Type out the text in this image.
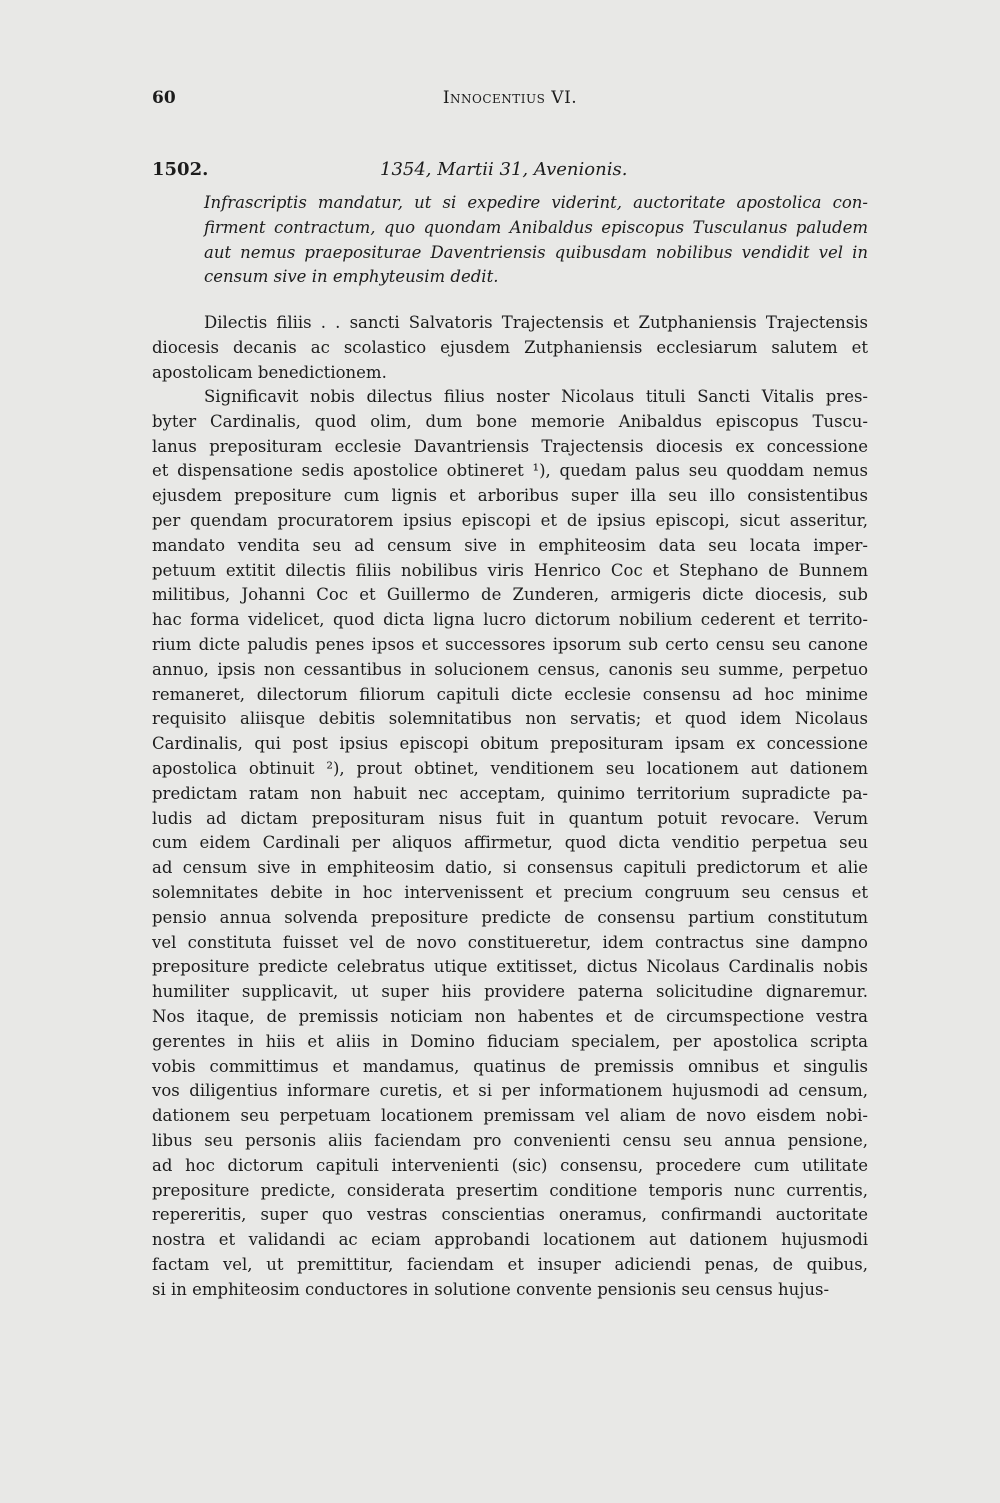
60	Innocentius VI.
1502.	1354, Martii 31, Avenionis.
Infrascriptis mandatur, ut si expedire viderint, auctoritate apostolica con-
firment contractum, quo quondam Anibaldus episcopus Tusculanus paludem
aut nemus praepositurae Daventriensis quibusdam nobilibus vendidit vel in
censum sive in emphyteusim dedit.
Dilectis filiis . . sancti Salvatoris Trajectensis et Zutphaniensis Trajectensis
diocesis decanis ac scolastico ejusdem Zutphaniensis ecclesiarum salutem et
apostolicam benedictionem.
Significavit nobis dilectus filius noster Nicolaus tituli Sancti Vitalis pres-
byter Cardinalis, quod olim, dum bone memorie Anibaldus episcopus Tuscu-
lanus preposituram ecclesie Davantriensis Trajectensis diocesis ex concessione
et dispensatione sedis apostolice obtineret ¹), quedam palus seu quoddam nemus
ejusdem prepositure cum lignis et arboribus super illa seu illo consistentibus
per quendam procuratorem ipsius episcopi et de ipsius episcopi, sicut asseritur,
mandato vendita seu ad censum sive in emphiteosim data seu locata imper-
petuum extitit dilectis filiis nobilibus viris Henrico Coc et Stephano de Bunnem
militibus, Johanni Coc et Guillermo de Zunderen, armigeris dicte diocesis, sub
hac forma videlicet, quod dicta ligna lucro dictorum nobilium cederent et territo-
rium dicte paludis penes ipsos et successores ipsorum sub certo censu seu canone
annuo, ipsis non cessantibus in solucionem census, canonis seu summe, perpetuo
remaneret, dilectorum filiorum capituli dicte ecclesie consensu ad hoc minime
requisito aliisque debitis solemnitatibus non servatis; et quod idem Nicolaus
Cardinalis, qui post ipsius episcopi obitum preposituram ipsam ex concessione
apostolica obtinuit ²), prout obtinet, venditionem seu locationem aut dationem
predictam ratam non habuit nec acceptam, quinimo territorium supradicte pa-
ludis ad dictam preposituram nisus fuit in quantum potuit revocare. Verum
cum eidem Cardinali per aliquos affirmetur, quod dicta venditio perpetua seu
ad censum sive in emphiteosim datio, si consensus capituli predictorum et alie
solemnitates debite in hoc intervenissent et precium congruum seu census et
pensio annua solvenda prepositure predicte de consensu partium constitutum
vel constituta fuisset vel de novo constitueretur, idem contractus sine dampno
prepositure predicte celebratus utique extitisset, dictus Nicolaus Cardinalis nobis
humiliter supplicavit, ut super hiis providere paterna solicitudine dignaremur.
Nos itaque, de premissis noticiam non habentes et de circumspectione vestra
gerentes in hiis et aliis in Domino fiduciam specialem, per apostolica scripta
vobis committimus et mandamus, quatinus de premissis omnibus et singulis
vos diligentius informare curetis, et si per informationem hujusmodi ad censum,
dationem seu perpetuam locationem premissam vel aliam de novo eisdem nobi-
libus seu personis aliis faciendam pro convenienti censu seu annua pensione,
ad hoc dictorum capituli intervenienti (sic) consensu, procedere cum utilitate
prepositure predicte, considerata presertim conditione temporis nunc currentis,
repereritis, super quo vestras conscientias oneramus, confirmandi auctoritate
nostra et validandi ac eciam approbandi locationem aut dationem hujusmodi
factam vel, ut premittitur, faciendam et insuper adiciendi penas, de quibus,
si in emphiteosim conductores in solutione convente pensionis seu census hujus-
